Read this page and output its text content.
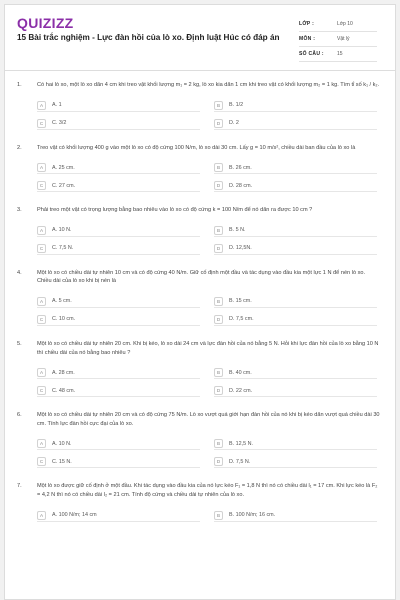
QUIZIZZ
15 Bài trắc nghiệm - Lực đàn hồi của lò xo. Định luật Húc có đáp án
LỚP :	Lớp 10
MÔN :	Vật lý
SỐ CÂU :	15
1.	Có hai lò xo, một lò xo dãn 4 cm khi treo vật khối lượng m₁ = 2 kg, lò xo kia dãn 1 cm khi treo vật có khối lượng m₂ = 1 kg. Tìm tỉ số k₁ / k₂.
A	A. 1	B	B. 1/2
C	C. 3/2	D	D. 2
2.	Treo vật có khối lượng 400 g vào một lò xo có độ cứng 100 N/m, lò xo dài 30 cm. Lấy g = 10 m/s², chiều dài ban đầu của lò xo là
A	A. 25 cm.	B	B. 26 cm.
C	C. 27 cm.	D	D. 28 cm.
3.	Phải treo một vật có trọng lượng bằng bao nhiêu vào lò xo có độ cứng k = 100 N/m để nó dãn ra được 10 cm ?
A	A. 10 N.	B	B. 5 N.
C	C. 7,5 N.	D	D. 12,5N.
4.	Một lò xo có chiều dài tự nhiên 10 cm và có độ cứng 40 N/m. Giữ cố định một đầu và tác dụng vào đầu kia một lực 1 N để nén lò xo. Chiều dài của lò xo khi bị nén là
A	A. 5 cm.	B	B. 15 cm.
C	C. 10 cm.	D	D. 7,5 cm.
5.	Một lò xo có chiều dài tự nhiên 20 cm. Khi bị kéo, lò xo dài 24 cm và lực đàn hồi của nó bằng 5 N. Hỏi khi lực đàn hồi của lò xo bằng 10 N thì chiều dài của nó bằng bao nhiêu ?
A	A. 28 cm.	B	B. 40 cm.
C	C. 48 cm.	D	D. 22 cm.
6.	Một lò xo có chiều dài tự nhiên 20 cm và có độ cứng 75 N/m. Lò xo vượt quá giới hạn đàn hồi của nó khi bị kéo dãn vượt quá chiều dài 30 cm. Tính lực đàn hồi cực đại của lò xo.
A	A. 10 N.	B	B. 12,5 N.
C	C. 15 N.	D	D. 7,5 N.
7.	Một lò xo được giữ cố định ở một đầu. Khi tác dụng vào đầu kia của nó lực kéo F₁ = 1,8 N thì nó có chiều dài l₁ = 17 cm. Khi lực kéo là F₂ = 4,2 N thì nó có chiều dài l₂ = 21 cm. Tính độ cứng và chiều dài tự nhiên của lò xo.
A	A. 100 N/m; 14 cm	B	B. 100 N/m; 16 cm.
